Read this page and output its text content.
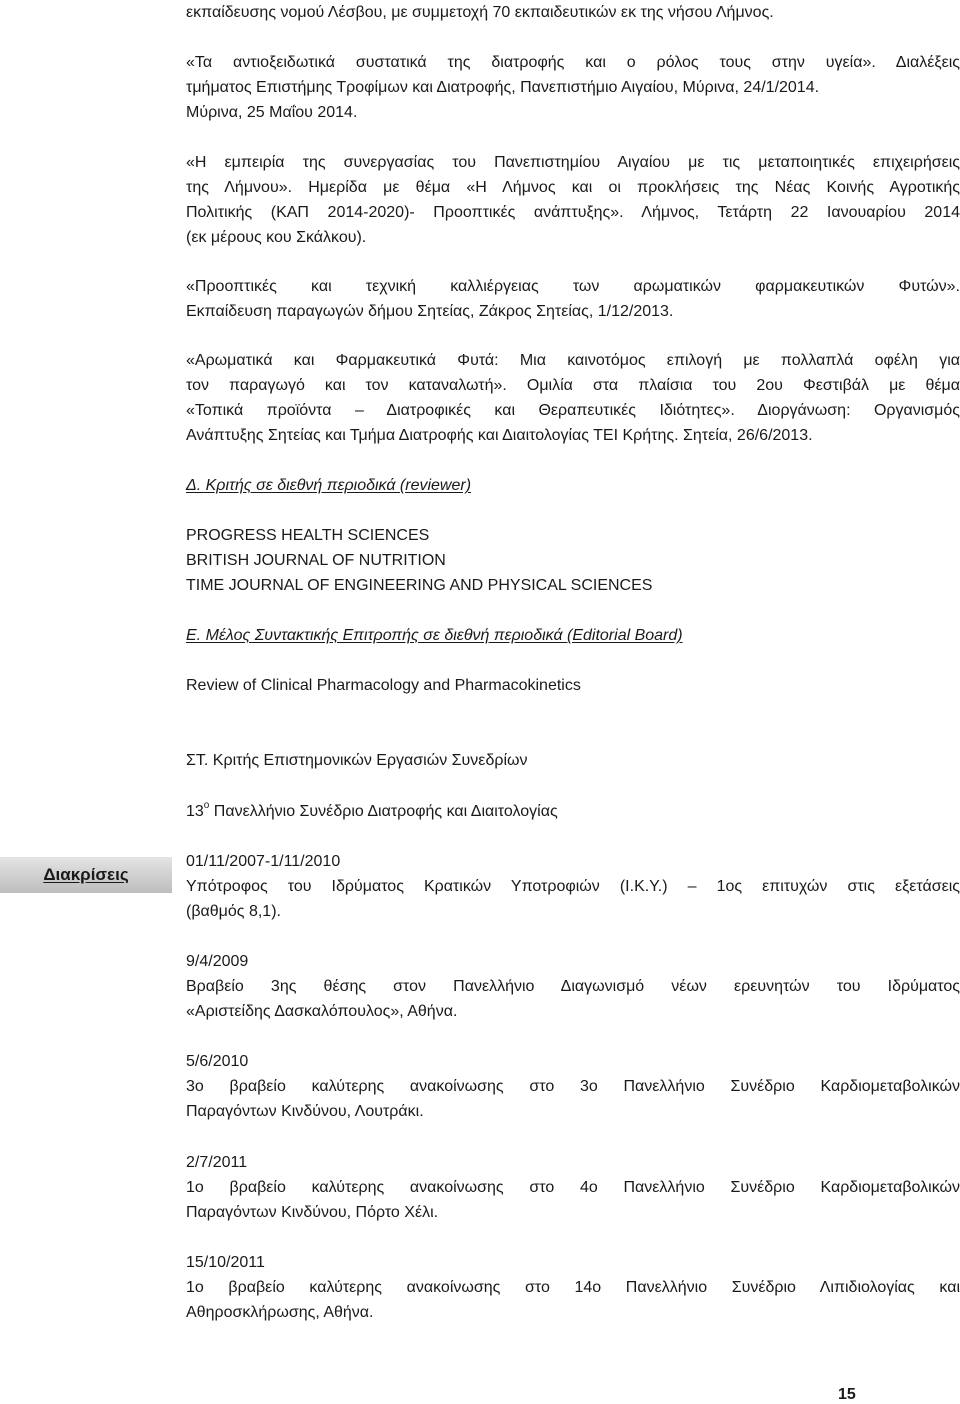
εκπαίδευσης νομού Λέσβου, με συμμετοχή 70 εκπαιδευτικών εκ της νήσου Λήμνος.
«Τα αντιοξειδωτικά συστατικά της διατροφής και ο ρόλος τους στην υγεία». Διαλέξεις
τμήματος Επιστήμης Τροφίμων και Διατροφής, Πανεπιστήμιο Αιγαίου, Μύρινα, 24/1/2014.
Μύρινα, 25 Μαΐου 2014.
«Η εμπειρία της συνεργασίας του Πανεπιστημίου Αιγαίου με τις μεταποιητικές επιχειρήσεις
της Λήμνου». Ημερίδα με θέμα «Η Λήμνος και οι προκλήσεις της Νέας Κοινής Αγροτικής
Πολιτικής (ΚΑΠ 2014-2020)- Προοπτικές ανάπτυξης». Λήμνος, Τετάρτη 22 Ιανουαρίου 2014
(εκ μέρους κου Σκάλκου).
«Προοπτικές και τεχνική καλλιέργειας των αρωματικών φαρμακευτικών Φυτών».
Εκπαίδευση παραγωγών δήμου Σητείας, Ζάκρος Σητείας, 1/12/2013.
«Αρωματικά και Φαρμακευτικά Φυτά: Μια καινοτόμος επιλογή με πολλαπλά οφέλη για
τον παραγωγό και τον καταναλωτή». Ομιλία στα πλαίσια του 2ου Φεστιβάλ με θέμα
«Τοπικά προϊόντα – Διατροφικές και Θεραπευτικές Ιδιότητες». Διοργάνωση: Οργανισμός
Ανάπτυξης Σητείας και Τμήμα Διατροφής και Διαιτολογίας ΤΕΙ Κρήτης. Σητεία, 26/6/2013.
Δ. Κριτής σε διεθνή περιοδικά (reviewer)
PROGRESS HEALTH SCIENCES
BRITISH JOURNAL OF NUTRITION
TIME JOURNAL OF ENGINEERING AND PHYSICAL SCIENCES
Ε. Μέλος Συντακτικής Επιτροπής σε διεθνή περιοδικά (Editorial Board)
Review of Clinical Pharmacology and Pharmacokinetics
ΣΤ. Κριτής Επιστημονικών Εργασιών Συνεδρίων
$13^o$ Πανελλήνιο Συνέδριο Διατροφής και Διαιτολογίας
01/11/2007-1/11/2010
Υπότροφος του Ιδρύματος Κρατικών Υποτροφιών (Ι.Κ.Υ.) – 1ος επιτυχών στις εξετάσεις
(βαθμός 8,1).
9/4/2009
Βραβείο 3ης θέσης στον Πανελλήνιο Διαγωνισμό νέων ερευνητών του Ιδρύματος
«Αριστείδης Δασκαλόπουλος», Αθήνα.
5/6/2010
3ο βραβείο καλύτερης ανακοίνωσης στο 3ο Πανελλήνιο Συνέδριο Καρδιομεταβολικών
Παραγόντων Κινδύνου, Λουτράκι.
2/7/2011
1ο βραβείο καλύτερης ανακοίνωσης στο 4ο Πανελλήνιο Συνέδριο Καρδιομεταβολικών
Παραγόντων Κινδύνου, Πόρτο Χέλι.
15/10/2011
1ο βραβείο καλύτερης ανακοίνωσης στο 14ο Πανελλήνιο Συνέδριο Λιπιδιολογίας και
Αθηροσκλήρωσης, Αθήνα.
Διακρίσεις
15
